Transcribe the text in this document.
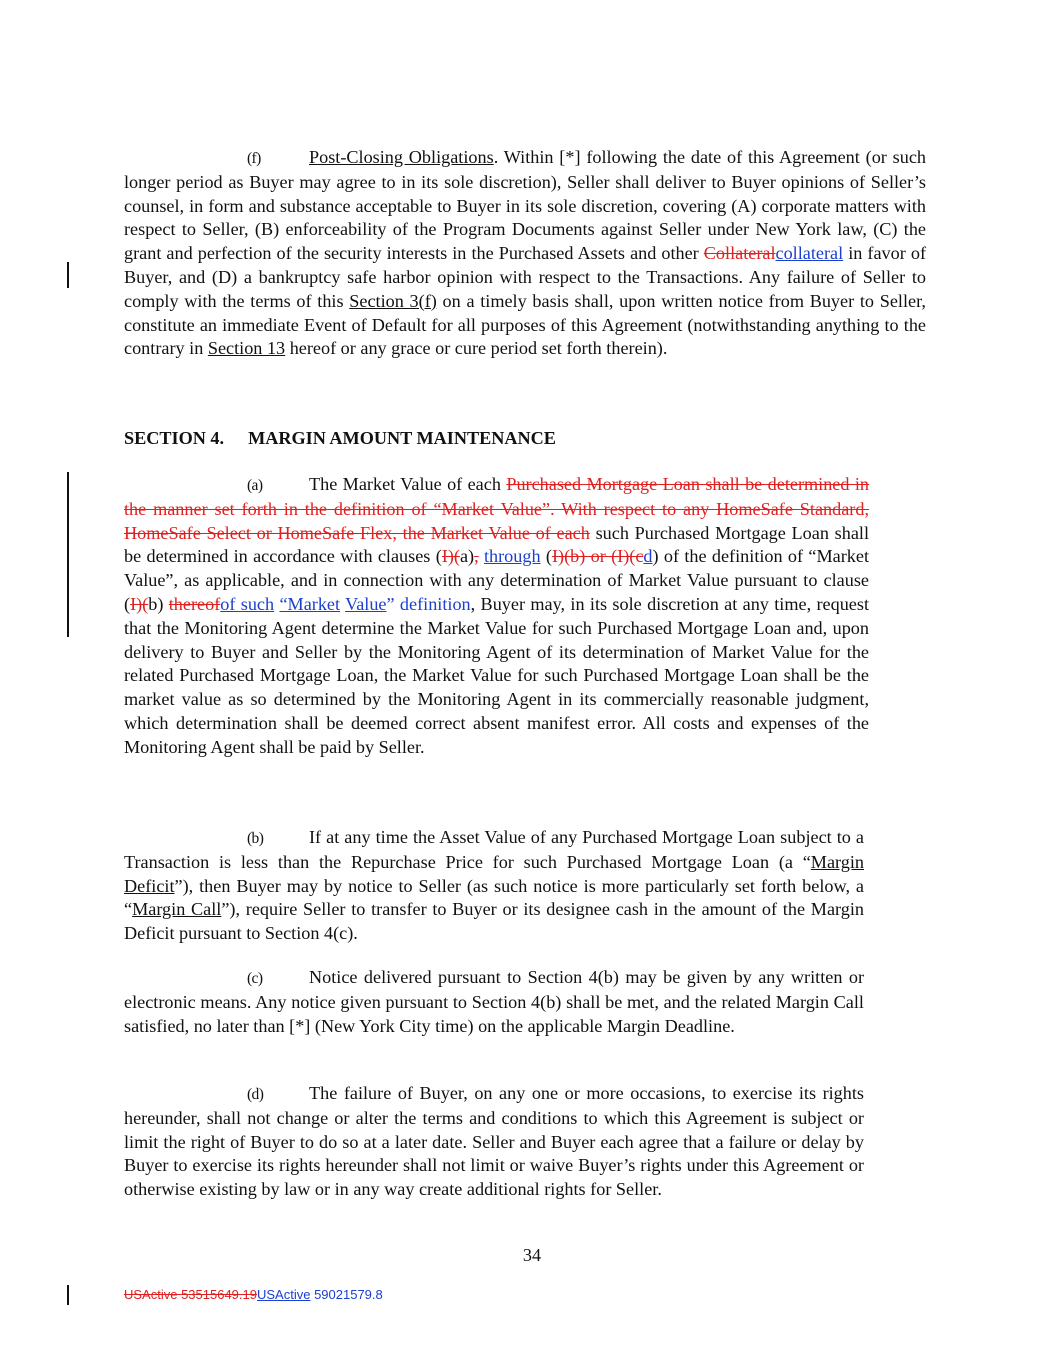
(f)	Post-Closing Obligations. Within [*] following the date of this Agreement (or such longer period as Buyer may agree to in its sole discretion), Seller shall deliver to Buyer opinions of Seller’s counsel, in form and substance acceptable to Buyer in its sole discretion, covering (A) corporate matters with respect to Seller, (B) enforceability of the Program Documents against Seller under New York law, (C) the grant and perfection of the security interests in the Purchased Assets and other Collateralcollateral in favor of Buyer, and (D) a bankruptcy safe harbor opinion with respect to the Transactions. Any failure of Seller to comply with the terms of this Section 3(f) on a timely basis shall, upon written notice from Buyer to Seller, constitute an immediate Event of Default for all purposes of this Agreement (notwithstanding anything to the contrary in Section 13 hereof or any grace or cure period set forth therein).
SECTION 4. MARGIN AMOUNT MAINTENANCE
(a)	The Market Value of each Purchased Mortgage Loan shall be determined in the manner set forth in the definition of “Market Value”. With respect to any HomeSafe Standard, HomeSafe Select or HomeSafe Flex, the Market Value of each such Purchased Mortgage Loan shall be determined in accordance with clauses (I)(a), through (I)(b) or (I)(cd) of the definition of “Market Value”, as applicable, and in connection with any determination of Market Value pursuant to clause (I)(b) thereofof such “Market Value” definition, Buyer may, in its sole discretion at any time, request that the Monitoring Agent determine the Market Value for such Purchased Mortgage Loan and, upon delivery to Buyer and Seller by the Monitoring Agent of its determination of Market Value for the related Purchased Mortgage Loan, the Market Value for such Purchased Mortgage Loan shall be the market value as so determined by the Monitoring Agent in its commercially reasonable judgment, which determination shall be deemed correct absent manifest error. All costs and expenses of the Monitoring Agent shall be paid by Seller.
(b)	If at any time the Asset Value of any Purchased Mortgage Loan subject to a Transaction is less than the Repurchase Price for such Purchased Mortgage Loan (a “Margin Deficit”), then Buyer may by notice to Seller (as such notice is more particularly set forth below, a “Margin Call”), require Seller to transfer to Buyer or its designee cash in the amount of the Margin Deficit pursuant to Section 4(c).
(c)	Notice delivered pursuant to Section 4(b) may be given by any written or electronic means. Any notice given pursuant to Section 4(b) shall be met, and the related Margin Call satisfied, no later than [*] (New York City time) on the applicable Margin Deadline.
(d)	The failure of Buyer, on any one or more occasions, to exercise its rights hereunder, shall not change or alter the terms and conditions to which this Agreement is subject or limit the right of Buyer to do so at a later date. Seller and Buyer each agree that a failure or delay by Buyer to exercise its rights hereunder shall not limit or waive Buyer’s rights under this Agreement or otherwise existing by law or in any way create additional rights for Seller.
34
USActive 53515649.19USActive 59021579.8
